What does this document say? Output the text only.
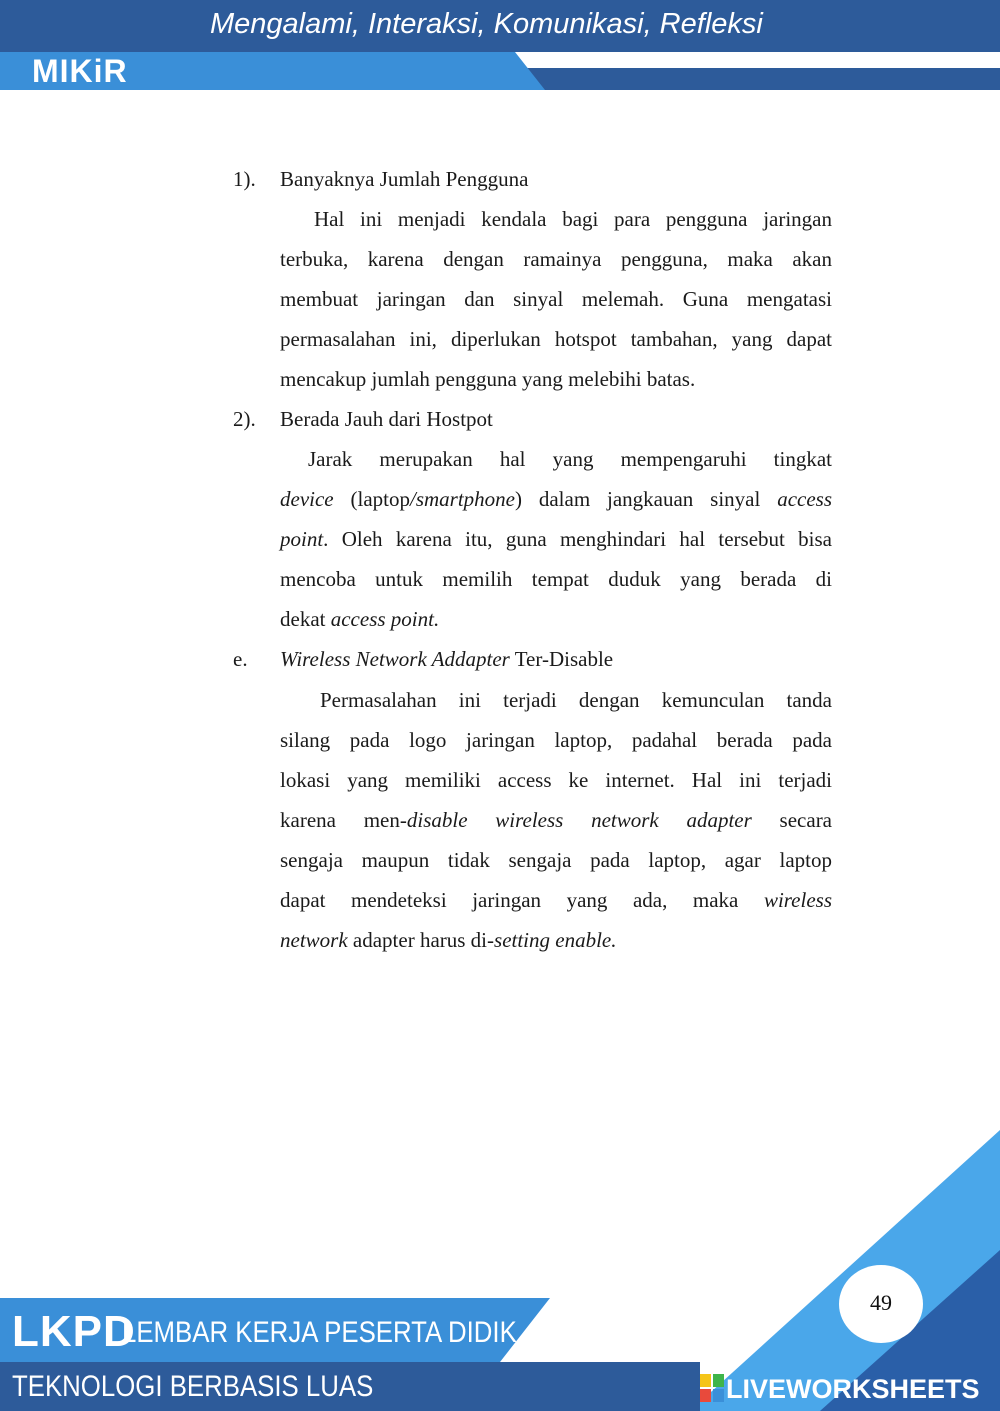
Mengalami, Interaksi, Komunikasi, Refleksi
MIKiR
1). Banyaknya Jumlah Pengguna
Hal ini menjadi kendala bagi para pengguna jaringan
terbuka, karena dengan ramainya pengguna, maka akan
membuat jaringan dan sinyal melemah. Guna mengatasi
permasalahan ini, diperlukan hotspot tambahan, yang dapat
mencakup jumlah pengguna yang melebihi batas.
2). Berada Jauh dari Hostpot
Jarak merupakan hal yang mempengaruhi tingkat
device (laptop/smartphone) dalam jangkauan sinyal access
point. Oleh karena itu, guna menghindari hal tersebut bisa
mencoba untuk memilih tempat duduk yang berada di
dekat access point.
e. Wireless Network Addapter Ter-Disable
Permasalahan ini terjadi dengan kemunculan tanda
silang pada logo jaringan laptop, padahal berada pada
lokasi yang memiliki access ke internet. Hal ini terjadi
karena men-disable wireless network adapter secara
sengaja maupun tidak sengaja pada laptop, agar laptop
dapat mendeteksi jaringan yang ada, maka wireless
network adapter harus di-setting enable.
LKPD
LEMBAR KERJA PESERTA DIDIK
TEKNOLOGI BERBASIS LUAS
49
LIVEWORKSHEETS
